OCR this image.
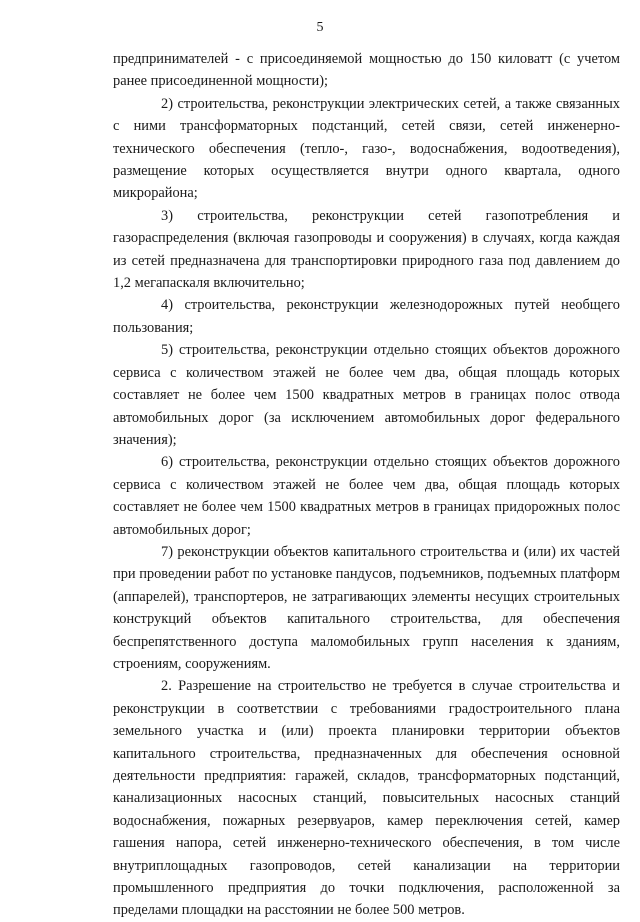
5

предпринимателей - с присоединяемой мощностью до 150 киловатт (с учетом ранее присоединенной мощности);

2) строительства, реконструкции электрических сетей, а также связанных с ними трансформаторных подстанций, сетей связи, сетей инженерно-технического обеспечения (тепло-, газо-, водоснабжения, водоотведения), размещение которых осуществляется внутри одного квартала, одного микрорайона;

3) строительства, реконструкции сетей газопотребления и газораспределения (включая газопроводы и сооружения) в случаях, когда каждая из сетей предназначена для транспортировки природного газа под давлением до 1,2 мегапаскаля включительно;

4) строительства, реконструкции железнодорожных путей необщего пользования;

5) строительства, реконструкции отдельно стоящих объектов дорожного сервиса с количеством этажей не более чем два, общая площадь которых составляет не более чем 1500 квадратных метров в границах полос отвода автомобильных дорог (за исключением автомобильных дорог федерального значения);

6) строительства, реконструкции отдельно стоящих объектов дорожного сервиса с количеством этажей не более чем два, общая площадь которых составляет не более чем 1500 квадратных метров в границах придорожных полос автомобильных дорог;

7) реконструкции объектов капитального строительства и (или) их частей при проведении работ по установке пандусов, подъемников, подъемных платформ (аппарелей), транспортеров, не затрагивающих элементы несущих строительных конструкций объектов капитального строительства, для обеспечения беспрепятственного доступа маломобильных групп населения к зданиям, строениям, сооружениям.

2. Разрешение на строительство не требуется в случае строительства и реконструкции в соответствии с требованиями градостроительного плана земельного участка и (или) проекта планировки территории объектов капитального строительства, предназначенных для обеспечения основной деятельности предприятия: гаражей, складов, трансформаторных подстанций, канализационных насосных станций, повысительных насосных станций водоснабжения, пожарных резервуаров, камер переключения сетей, камер гашения напора, сетей инженерно-технического обеспечения, в том числе внутриплощадных газопроводов, сетей канализации на территории промышленного предприятия до точки подключения, расположенной за пределами площадки на расстоянии не более 500 метров.
